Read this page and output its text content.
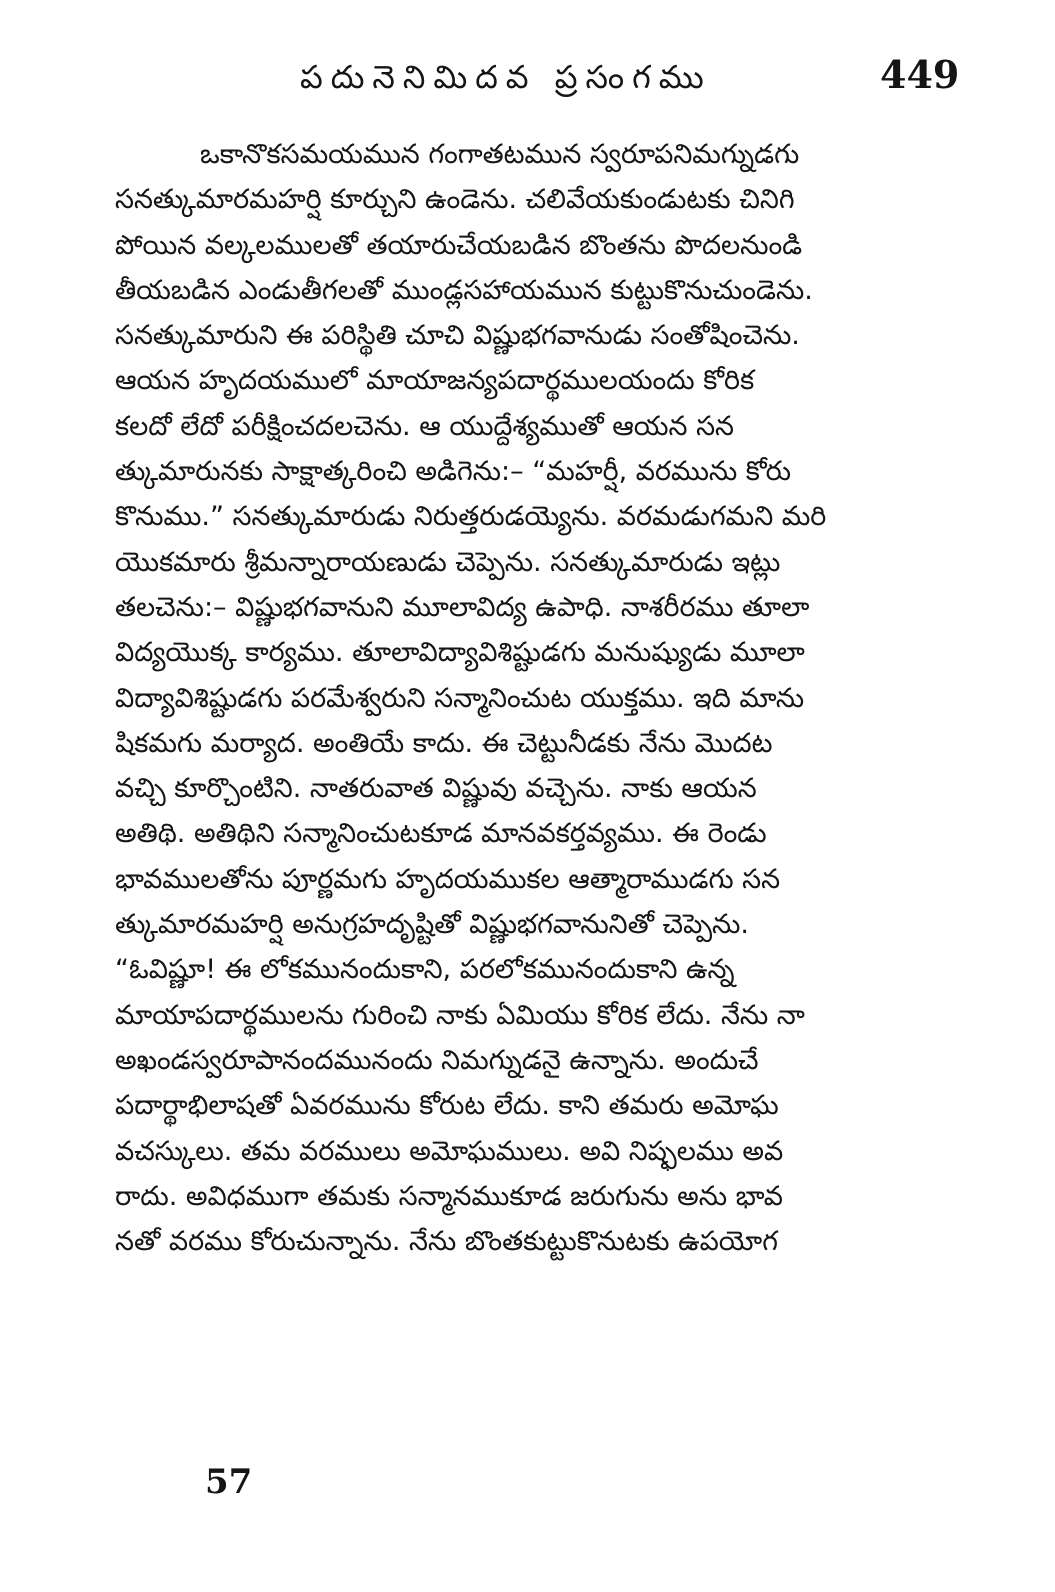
పదునెనిమిదవ ప్రసంగము	449
ఒకానొకసమయమున గంగాతటమున స్వరూపనిమగ్నుడగు
సనత్కుమారమహర్షి కూర్చుని ఉండెను. చలివేయకుండుటకు చినిగి
పోయిన వల్కలములతో తయారుచేయబడిన బొంతను పొదలనుండి
తీయబడిన ఎండుతీగలతో ముండ్లసహాయమున కుట్టుకొనుచుండెను.
సనత్కుమారుని ఈ పరిస్థితి చూచి విష్ణుభగవానుడు సంతోషించెను.
ఆయన హృదయములో మాయాజన్యపదార్థములయందు కోరిక
కలదో లేదో పరీక్షించదలచెను. ఆ యుద్దేశ్యముతో ఆయన సన
త్కుమారునకు సాక్షాత్కరించి అడిగెను:– “మహర్షీ, వరమును కోరు
కొనుము.” సనత్కుమారుడు నిరుత్తరుడయ్యెను. వరమడుగమని మరి
యొకమారు శ్రీమన్నారాయణుడు చెప్పెను. సనత్కుమారుడు ఇట్లు
తలచెను:– విష్ణుభగవానుని మూలావిద్య ఉపాధి. నాశరీరము తూలా
విద్యయొక్క కార్యము. తూలావిద్యావిశిష్టుడగు మనుష్యుడు మూలా
విద్యావిశిష్టుడగు పరమేశ్వరుని సన్మానించుట యుక్తము. ఇది మాను
షికమగు మర్యాద. అంతియే కాదు. ఈ చెట్టునీడకు నేను మొదట
వచ్చి కూర్చొంటిని. నాతరువాత విష్ణువు వచ్చెను. నాకు ఆయన
అతిథి. అతిథిని సన్మానించుటకూడ మానవకర్తవ్యము. ఈ రెండు
భావములతోను పూర్ణమగు హృదయముకల ఆత్మారాముడగు సన
త్కుమారమహర్షి అనుగ్రహదృష్టితో విష్ణుభగవానునితో చెప్పెను.
“ఓవిష్ణూ! ఈ లోకమునందుకాని, పరలోకమునందుకాని ఉన్న
మాయాపదార్థములను గురించి నాకు ఏమియు కోరిక లేదు. నేను నా
అఖండస్వరూపానందమునందు నిమగ్నుడనై ఉన్నాను. అందుచే
పదార్థాభిలాషతో ఏవరమును కోరుట లేదు. కాని తమరు అమోఘ
వచస్కులు. తమ వరములు అమోఘములు. అవి నిష్ఫలము అవ
రాదు. అవిధముగా తమకు సన్మానముకూడ జరుగును అను భావ
నతో వరము కోరుచున్నాను. నేను బొంతకుట్టుకొనుటకు ఉపయోగ
57
